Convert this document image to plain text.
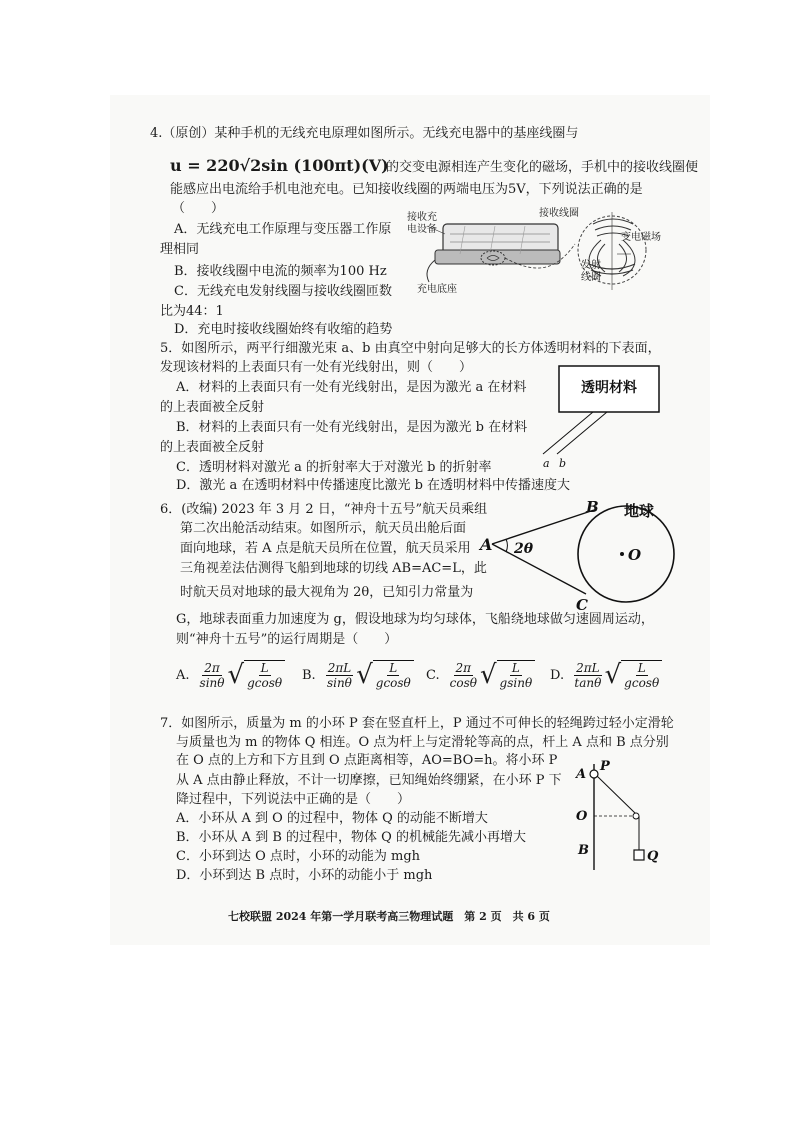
4.（原创）某种手机的无线充电原理如图所示。无线充电器中的基座线圈与
u = 220√2sin (100πt)(V)
的交变电源相连产生变化的磁场，手机中的接收线圈便
能感应出电流给手机电池充电。已知接收线圈的两端电压为5V，下列说法正确的是
（　　）
A．无线充电工作原理与变压器工作原
理相同
B．接收线圈中电流的频率为100 Hz
C．无线充电发射线圈与接收线圈匝数
比为44：1
D．充电时接收线圈始终有收缩的趋势
接收充
电设备
充电底座
接收线圈
变电磁场
发射
线圈
5．如图所示，两平行细激光束 a、b 由真空中射向足够大的长方体透明材料的下表面，
发现该材料的上表面只有一处有光线射出，则（　　）
A．材料的上表面只有一处有光线射出，是因为激光 a 在材料
的上表面被全反射
B．材料的上表面只有一处有光线射出，是因为激光 b 在材料
的上表面被全反射
C．透明材料对激光 a 的折射率大于对激光 b 的折射率
D．激光 a 在透明材料中传播速度比激光 b 在透明材料中传播速度大
透明材料
a b
6．(改编) 2023 年 3 月 2 日，“神舟十五号”航天员乘组
第二次出舱活动结束。如图所示，航天员出舱后面
面向地球，若 A 点是航天员所在位置，航天员采用
三角视差法估测得飞船到地球的切线 AB=AC=L，此
时航天员对地球的最大视角为 2θ，已知引力常量为
G，地球表面重力加速度为 g，假设地球为均匀球体，飞船绕地球做匀速圆周运动，
则“神舟十五号”的运行周期是（　　）
A
B
C
O
2θ
地球
A. $\frac{2\pi}{\sin\theta}$ √ L
gcosθ
B. $\frac{2\pi L}{\sin\theta}$ √ L
gcosθ
C. $\frac{2\pi}{\cos\theta}$ √ L
gsinθ
D. $\frac{2\pi L}{\tan\theta}$ √ L
gcosθ
7．如图所示，质量为 m 的小环 P 套在竖直杆上，P 通过不可伸长的轻绳跨过轻小定滑轮
与质量也为 m 的物体 Q 相连。O 点为杆上与定滑轮等高的点，杆上 A 点和 B 点分别
在 O 点的上方和下方且到 O 点距离相等，AO=BO=h。将小环 P
从 A 点由静止释放，不计一切摩擦，已知绳始终绷紧，在小环 P 下
降过程中，下列说法中正确的是（　　）
A．小环从 A 到 O 的过程中，物体 Q 的动能不断增大
B．小环从 A 到 B 的过程中，物体 Q 的机械能先减小再增大
C．小环到达 O 点时，小环的动能为 mgh
D．小环到达 B 点时，小环的动能小于 mgh
A
P
O
B	Q
七校联盟 2024 年第一学月联考高三物理试题　第 2 页　共 6 页
